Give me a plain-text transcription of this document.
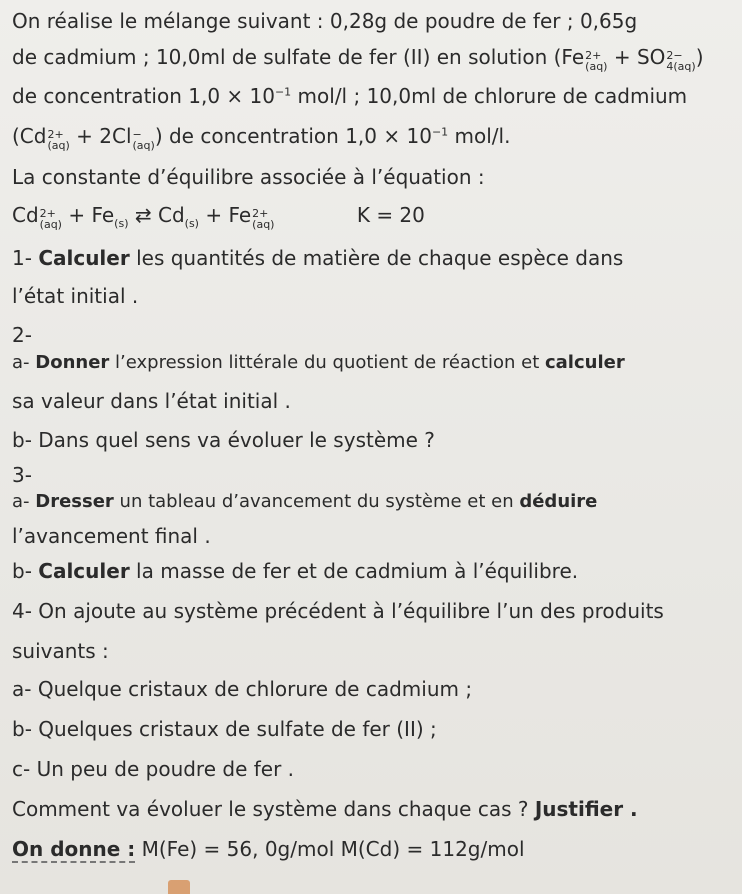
On réalise le mélange suivant : 0,28g de poudre de fer ; 0,65g
de cadmium ; 10,0ml de sulfate de fer (II) en solution (Fe 2+
(aq) + SO 2−
4(aq) )
de concentration $1,0 \times 10^{-1}$ mol/l ; 10,0ml de chlorure de cadmium
(Cd 2+
(aq) + 2Cl −
(aq) ) de concentration $1,0 \times 10^{-1}$ mol/l.
La constante d’équilibre associée à l’équation :
Cd 2+
$(aq) + Fe_{(s)}$ ⇄ $Cd_{(s)} + Fe$ 2+
(aq)	K = 20
1- Calculer les quantités de matière de chaque espèce dans
l’état initial .
2-
a- Donner l’expression littérale du quotient de réaction et calculer
sa valeur dans l’état initial .
b- Dans quel sens va évoluer le système ?
3-
a- Dresser un tableau d’avancement du système et en déduire
l’avancement final .
b- Calculer la masse de fer et de cadmium à l’équilibre.
4- On ajoute au système précédent à l’équilibre l’un des produits
suivants :
a- Quelque cristaux de chlorure de cadmium ;
b- Quelques cristaux de sulfate de fer (II) ;
c- Un peu de poudre de fer .
Comment va évoluer le système dans chaque cas ? Justifier .
On donne : M(Fe) = 56, 0g/mol M(Cd) = 112g/mol
